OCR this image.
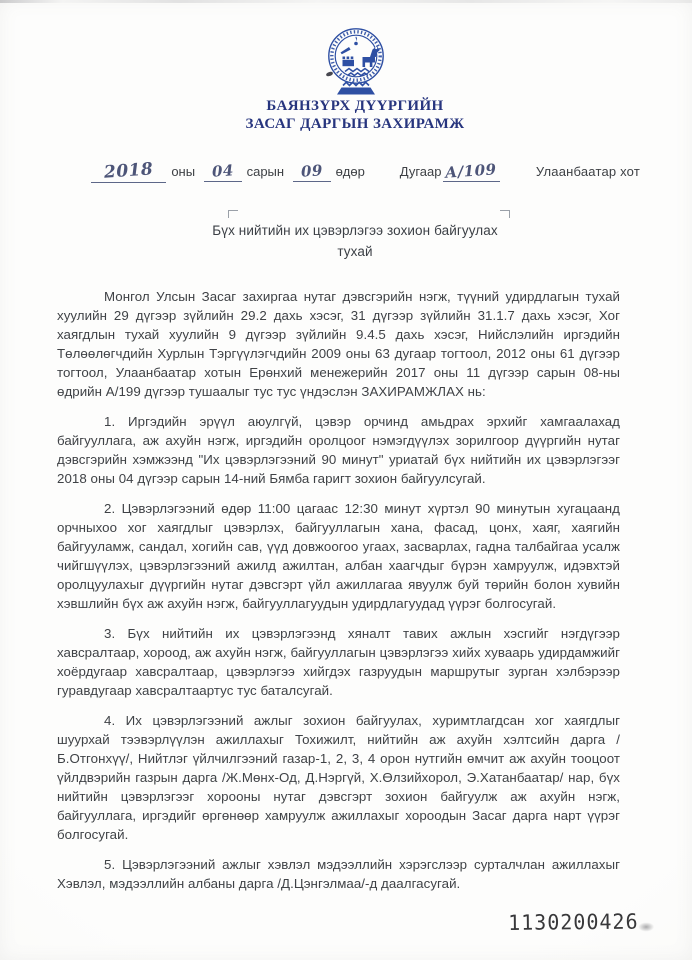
БАЯНЗҮРХ ДҮҮРГИЙН
ЗАСАГ ДАРГЫН ЗАХИРАМЖ
2018 оны 04 сарын 09 өдөр	Дугаар А/109	Улаанбаатар хот
Бүх нийтийн их цэвэрлэгээ зохион байгуулах
тухай

Монгол Улсын Засаг захиргаа нутаг дэвсгэрийн нэгж, түүний удирдлагын тухай хуулийн 29 дүгээр зүйлийн 29.2 дахь хэсэг, 31 дүгээр зүйлийн 31.1.7 дахь хэсэг, Хог хаягдлын тухай хуулийн 9 дүгээр зүйлийн 9.4.5 дахь хэсэг, Нийслэлийн иргэдийн Төлөөлөгчдийн Хурлын Тэргүүлэгчдийн 2009 оны 63 дугаар тогтоол, 2012 оны 61 дүгээр тогтоол, Улаанбаатар хотын Ерөнхий менежерийн 2017 оны 11 дүгээр сарын 08-ны өдрийн А/199 дүгээр тушаалыг тус тус үндэслэн ЗАХИРАМЖЛАХ нь:

1. Иргэдийн эрүүл аюулгүй, цэвэр орчинд амьдрах эрхийг хамгаалахад байгууллага, аж ахуйн нэгж, иргэдийн оролцоог нэмэгдүүлэх зорилгоор дүүргийн нутаг дэвсгэрийн хэмжээнд "Их цэвэрлэгээний 90 минут" уриатай бүх нийтийн их цэвэрлэгээг 2018 оны 04 дүгээр сарын 14-ний Бямба гаригт зохион байгуулсугай.

2. Цэвэрлэгээний өдөр 11:00 цагаас 12:30 минут хүртэл 90 минутын хугацаанд орчныхоо хог хаягдлыг цэвэрлэх, байгууллагын хана, фасад, цонх, хаяг, хаягийн байгууламж, сандал, хогийн сав, үүд довжоогоо угаах, засварлах, гадна талбайгаа усалж чийгшүүлэх, цэвэрлэгээний ажилд ажилтан, албан хаагчдыг бүрэн хамруулж, идэвхтэй оролцуулахыг дүүргийн нутаг дэвсгэрт үйл ажиллагаа явуулж буй төрийн болон хувийн хэвшлийн бүх аж ахуйн нэгж, байгууллагуудын удирдлагуудад үүрэг болгосугай.

3. Бүх нийтийн их цэвэрлэгээнд хяналт тавих ажлын хэсгийг нэгдүгээр хавсралтаар, хороод, аж ахуйн нэгж, байгууллагын цэвэрлэгээ хийх хуваарь удирдамжийг хоёрдугаар хавсралтаар, цэвэрлэгээ хийгдэх газруудын маршрутыг зурган хэлбэрээр гуравдугаар хавсралтаартус тус баталсугай.

4. Их цэвэрлэгээний ажлыг зохион байгуулах, хуримтлагдсан хог хаягдлыг шуурхай тээвэрлүүлэн ажиллахыг Тохижилт, нийтийн аж ахуйн хэлтсийн дарга /Б.Отгонхүү/, Нийтлэг үйлчилгээний газар-1, 2, 3, 4 орон нутгийн өмчит аж ахуйн тооцоот үйлдвэрийн газрын дарга /Ж.Мөнх-Од, Д.Нэргүй, Х.Өлзийхорол, Э.Хатанбаатар/ нар, бүх нийтийн цэвэрлэгээг хорооны нутаг дэвсгэрт зохион байгуулж аж ахуйн нэгж, байгууллага, иргэдийг өргөнөөр хамруулж ажиллахыг хороодын Засаг дарга нарт үүрэг болгосугай.

5. Цэвэрлэгээний ажлыг хэвлэл мэдээллийн хэрэгслээр сурталчлан ажиллахыг Хэвлэл, мэдээллийн албаны дарга /Д.Цэнгэлмаа/-д даалгасугай.

1130200426
